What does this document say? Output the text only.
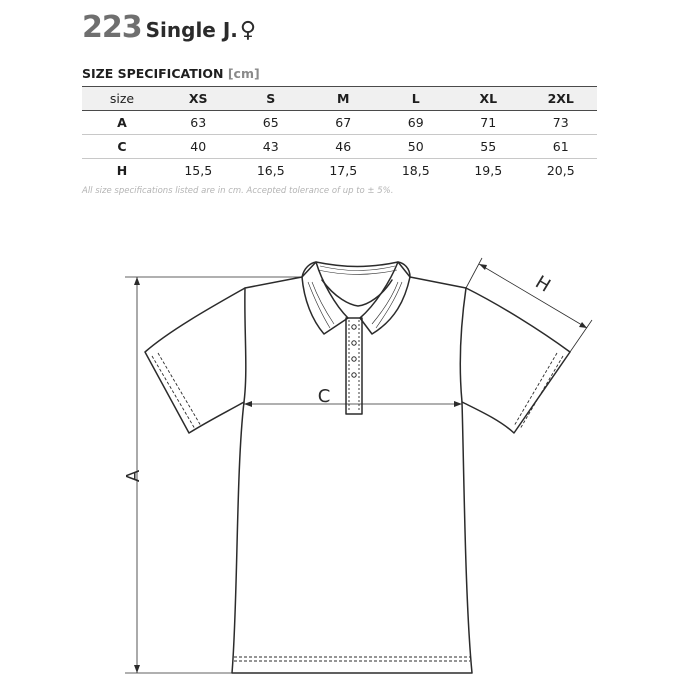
223 Single J.♀
SIZE SPECIFICATION [cm]
size	XS	S	M	L	XL	2XL
A	63	65	67	69	71	73
C	40	43	46	50	55	61
H	15,5	16,5	17,5	18,5	19,5	20,5
All size specifications listed are in cm. Accepted tolerance of up to ± 5%.
A
C
H
